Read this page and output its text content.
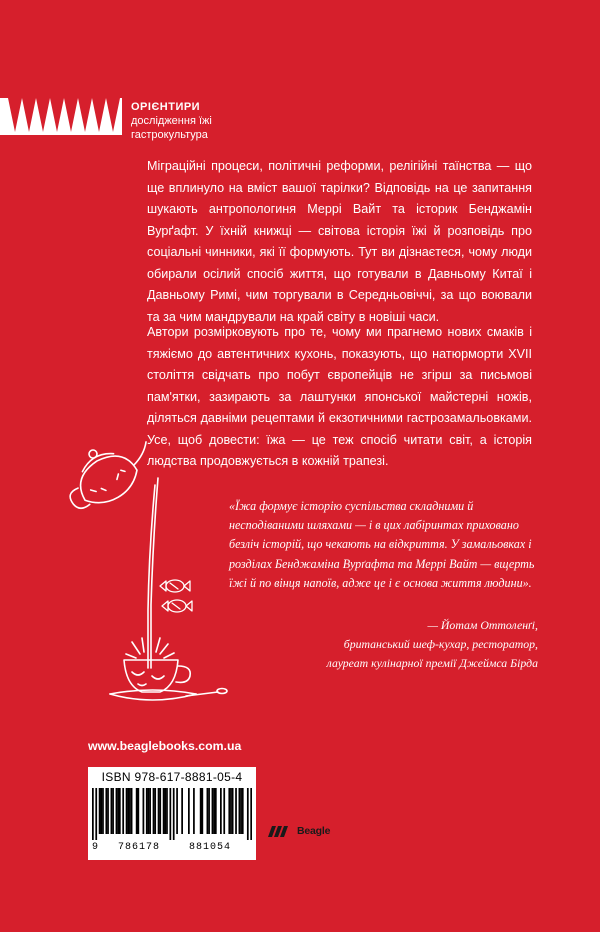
ОРІЄНТИРИ
дослідження їжі
гастрокультура

Міграційні процеси, політичні реформи, релігійні таїнства — що ще вплинуло на вміст вашої тарілки? Відповідь на це запитання шукають антропологиня Меррі Вайт та історик Бенджамін Вурґафт. У їхній книжці — світова історія їжі й розповідь про соціальні чинники, які її формують. Тут ви дізнаєтеся, чому люди обирали осілий спосіб життя, що готували в Давньому Китаї і Давньому Римі, чим торгували в Середньовіччі, за що воювали та за чим мандрували на край світу в новіші часи.

Автори розмірковують про те, чому ми прагнемо нових смаків і тяжіємо до автентичних кухонь, показують, що натюрморти XVII століття свідчать про побут європейців не згірш за письмові пам'ятки, зазирають за лаштунки японської майстерні ножів, діляться давніми рецептами й екзотичними гастрозамальовками. Усе, щоб довести: їжа — це теж спосіб читати світ, а історія людства продовжується в кожній трапезі.

«Їжа формує історію суспільства складними й несподіваними шляхами — і в цих лабіринтах приховано безліч історій, що чекають на відкриття. У замальовках і розділах Бенджаміна Вурґафта та Меррі Вайт — вщерть їжі й по вінця напоїв, адже це і є основа життя людини».

— Йотам Оттоленґі,
британський шеф-кухар, ресторатор,
лауреат кулінарної премії Джеймса Бірда
www.beaglebooks.com.ua
ISBN 978-617-8881-05-4
9 786178	881054
Beagle
